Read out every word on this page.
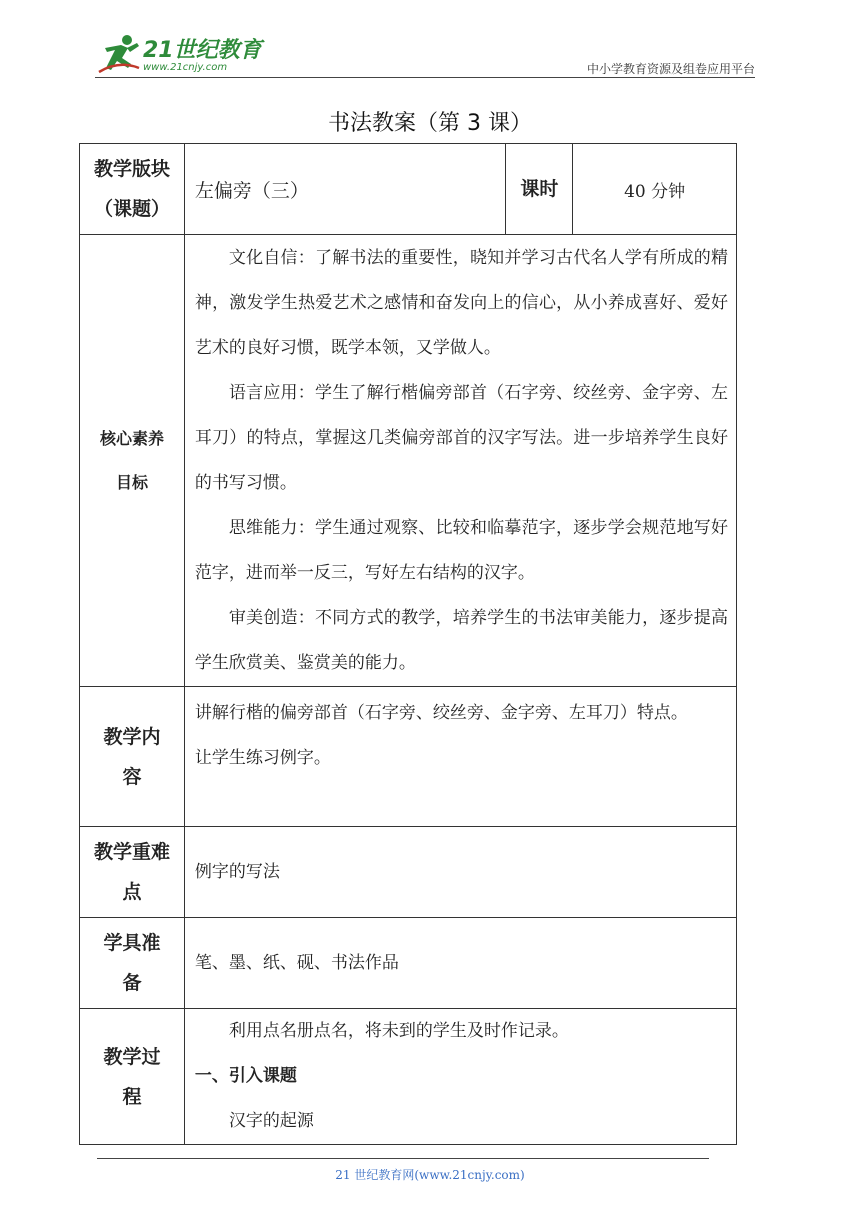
21世纪教育
www.21cnjy.com	中小学教育资源及组卷应用平台
书法教案（第 3 课）
教学版块（课题）	左偏旁（三）	课时	40 分钟
核心素养目标	文化自信：了解书法的重要性，晓知并学习古代名人学有所成的精神，激发学生热爱艺术之感情和奋发向上的信心，从小养成喜好、爱好艺术的良好习惯，既学本领，又学做人。

语言应用：学生了解行楷偏旁部首（石字旁、绞丝旁、金字旁、左耳刀）的特点，掌握这几类偏旁部首的汉字写法。进一步培养学生良好的书写习惯。

思维能力：学生通过观察、比较和临摹范字，逐步学会规范地写好范字，进而举一反三，写好左右结构的汉字。

审美创造：不同方式的教学，培养学生的书法审美能力，逐步提高学生欣赏美、鉴赏美的能力。		

教学内容	讲解行楷的偏旁部首（石字旁、绞丝旁、金字旁、左耳刀）特点。

让学生练习例字。		

教学重难点	例字的写法		
学具准备	笔、墨、纸、砚、书法作品		
教学过程	利用点名册点名，将未到的学生及时作记录。

一、引入课题

汉字的起源		

21 世纪教育网(www.21cnjy.com)
